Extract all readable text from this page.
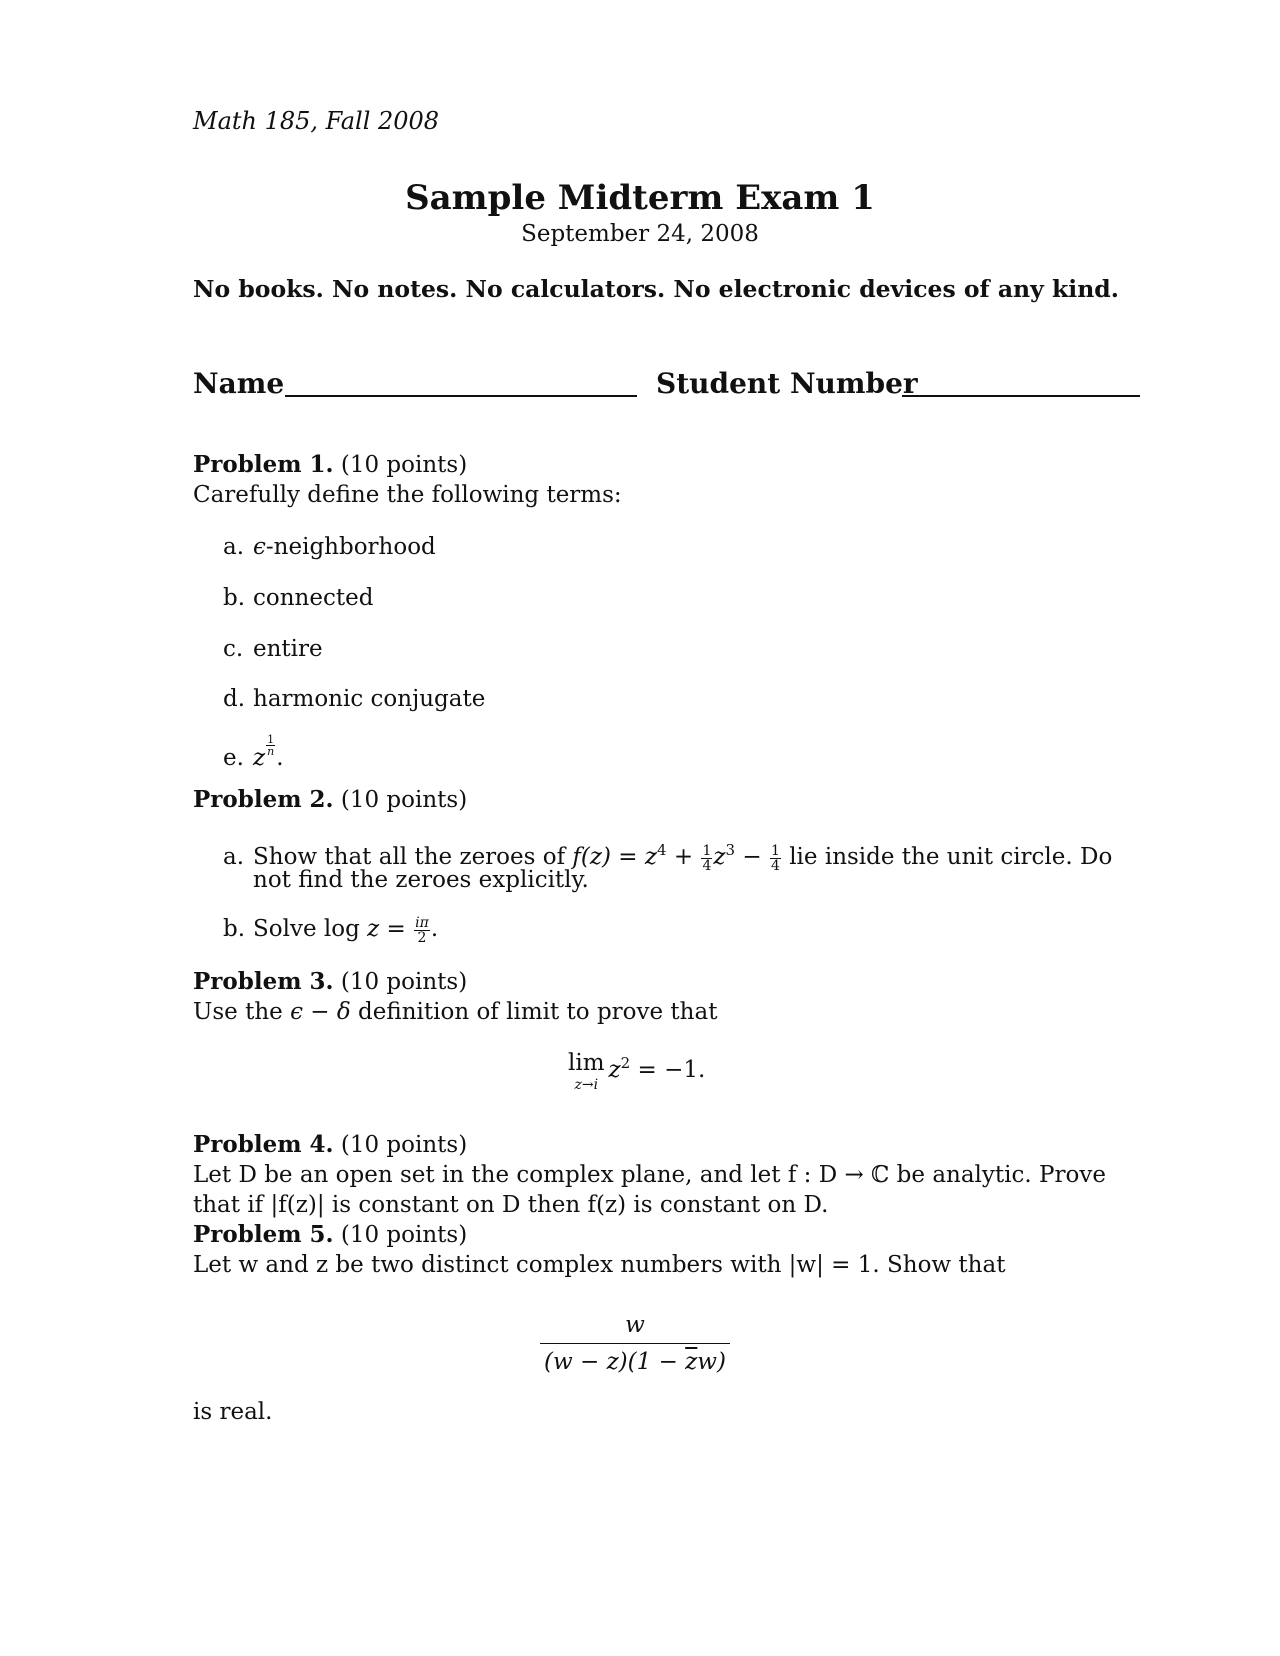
Math 185, Fall 2008
Sample Midterm Exam 1
September 24, 2008
No books. No notes. No calculators. No electronic devices of any kind.
Name	Student Number
Problem 1. (10 points)
Carefully define the following terms:
a. ϵ-neighborhood
b. connected
c. entire
d. harmonic conjugate
e. z $\frac{1}{n}$ .
Problem 2. (10 points)
a. Show that all the zeroes of $f(z) = z^4 + \frac{1}{4} z^3 - \frac{1}{4}$ lie inside the unit circle. Do
not find the zeroes explicitly.
b. Solve $\log z = \frac{i\pi}{2}$ .
Problem 3. (10 points)
Use the ϵ − δ definition of limit to prove that
lim
z→i
$z^2 = -1$.
Problem 4. (10 points)
Let D be an open set in the complex plane, and let f : D → ℂ be analytic. Prove
that if |f(z)| is constant on D then f(z) is constant on D.
Problem 5. (10 points)
Let w and z be two distinct complex numbers with |w| = 1. Show that
$\frac{w}{(w - z)(1 - \overline{z}w)}$
is real.
